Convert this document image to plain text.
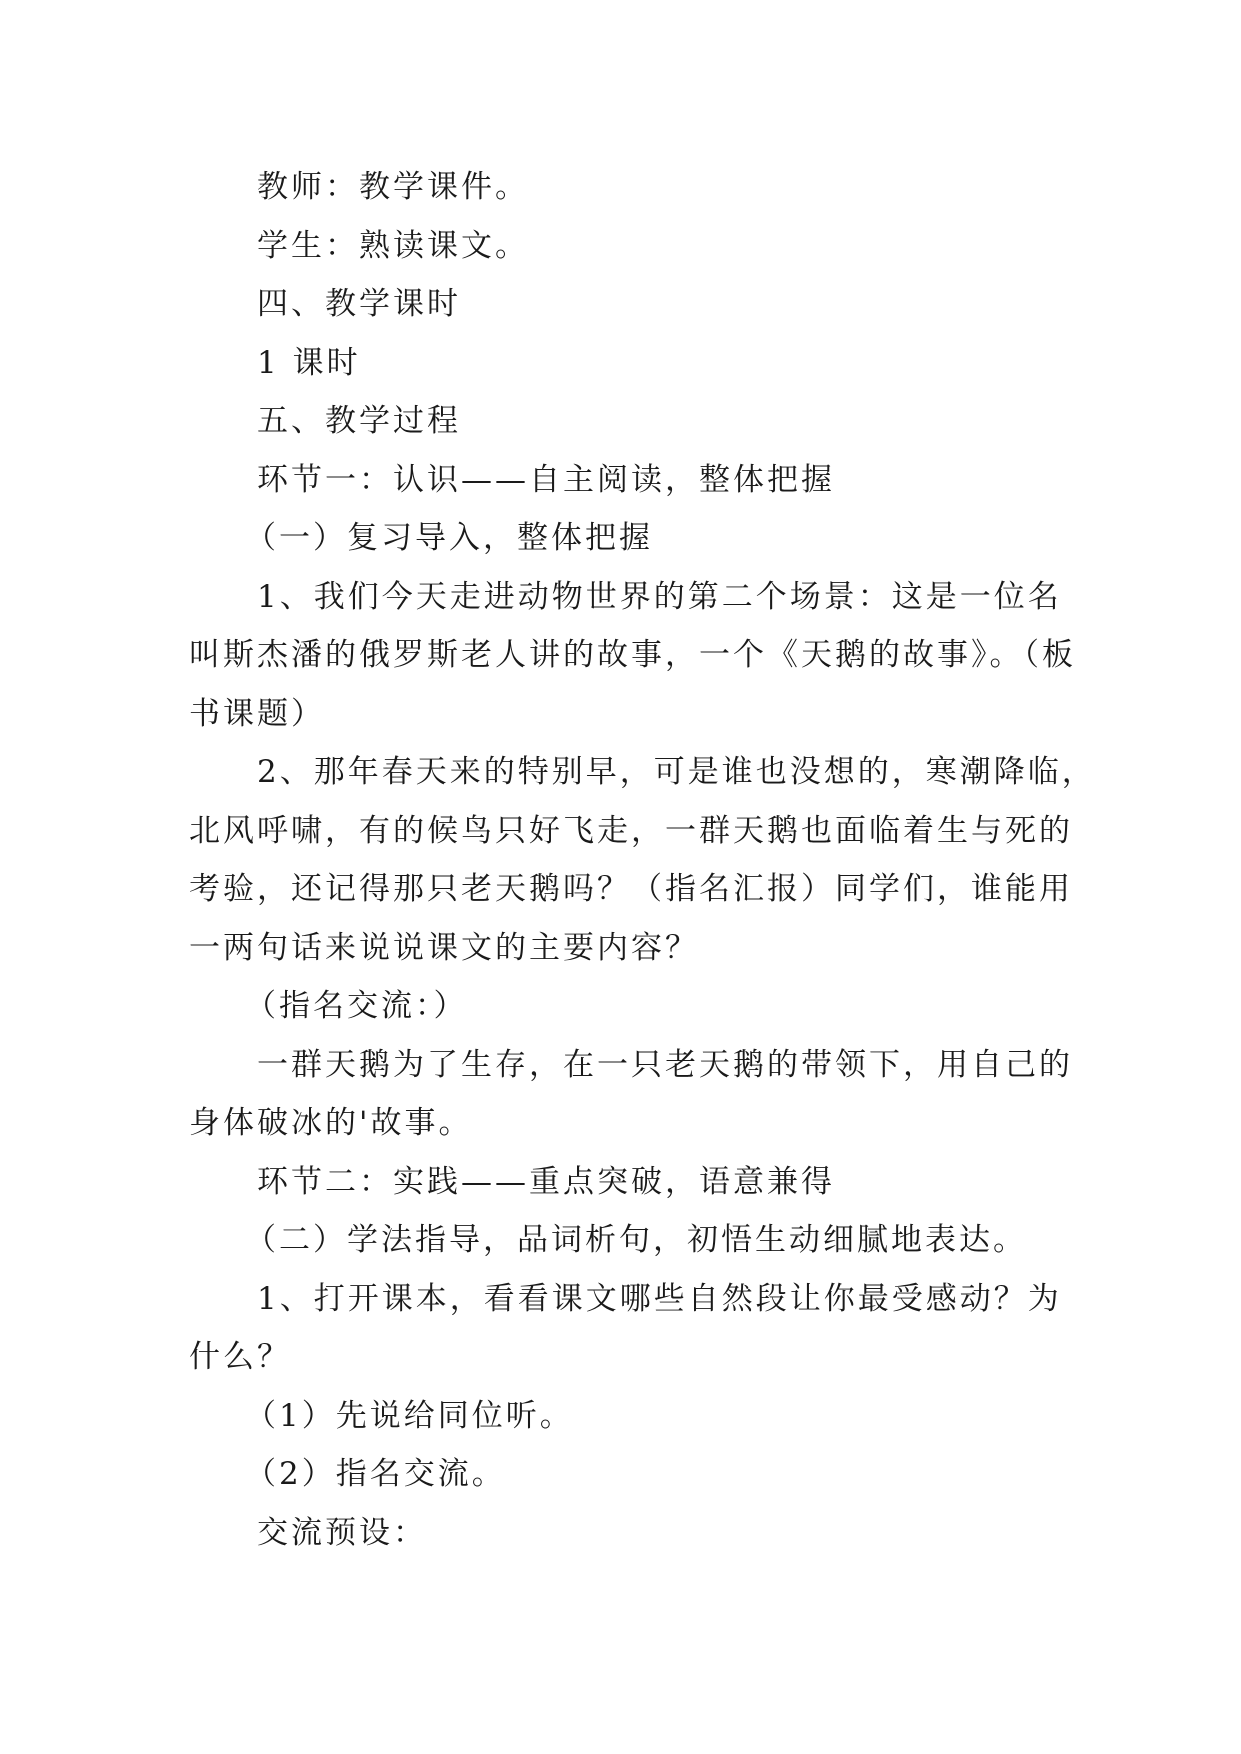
教师：教学课件。
学生：熟读课文。
四、教学课时
1 课时
五、教学过程
环节一：认识——自主阅读，整体把握
（一）复习导入，整体把握
1、我们今天走进动物世界的第二个场景：这是一位名
叫斯杰潘的俄罗斯老人讲的故事，一个《天鹅的故事》。（板
书课题）
2、那年春天来的特别早，可是谁也没想的，寒潮降临，
北风呼啸，有的候鸟只好飞走，一群天鹅也面临着生与死的
考验，还记得那只老天鹅吗？（指名汇报）同学们，谁能用
一两句话来说说课文的主要内容？
（指名交流：）
一群天鹅为了生存，在一只老天鹅的带领下，用自己的
身体破冰的'故事。
环节二：实践——重点突破，语意兼得
（二）学法指导，品词析句，初悟生动细腻地表达。
1、打开课本，看看课文哪些自然段让你最受感动？为
什么？
（1）先说给同位听。
（2）指名交流。
交流预设：
